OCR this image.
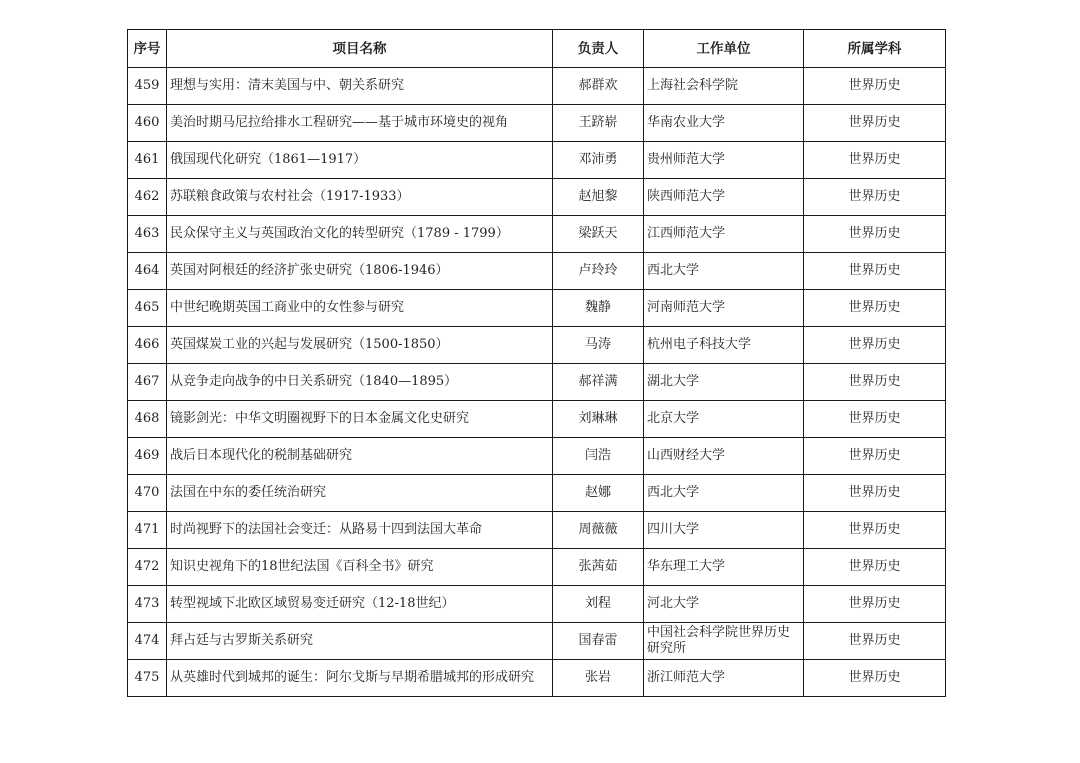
序号	项目名称	负责人	工作单位	所属学科
459	理想与实用：清末美国与中、朝关系研究	郝群欢	上海社会科学院	世界历史
460	美治时期马尼拉给排水工程研究——基于城市环境史的视角	王跻崭	华南农业大学	世界历史
461	俄国现代化研究（1861—1917）	邓沛勇	贵州师范大学	世界历史
462	苏联粮食政策与农村社会（1917-1933）	赵旭黎	陕西师范大学	世界历史
463	民众保守主义与英国政治文化的转型研究（1789 - 1799）	梁跃天	江西师范大学	世界历史
464	英国对阿根廷的经济扩张史研究（1806-1946）	卢玲玲	西北大学	世界历史
465	中世纪晚期英国工商业中的女性参与研究	魏静	河南师范大学	世界历史
466	英国煤炭工业的兴起与发展研究（1500-1850）	马涛	杭州电子科技大学	世界历史
467	从竞争走向战争的中日关系研究（1840—1895）	郝祥满	湖北大学	世界历史
468	镜影剑光：中华文明圈视野下的日本金属文化史研究	刘琳琳	北京大学	世界历史
469	战后日本现代化的税制基础研究	闫浩	山西财经大学	世界历史
470	法国在中东的委任统治研究	赵娜	西北大学	世界历史
471	时尚视野下的法国社会变迁：从路易十四到法国大革命	周薇薇	四川大学	世界历史
472	知识史视角下的18世纪法国《百科全书》研究	张茜茹	华东理工大学	世界历史
473	转型视域下北欧区域贸易变迁研究（12-18世纪）	刘程	河北大学	世界历史
474	拜占廷与古罗斯关系研究	国春雷	中国社会科学院世界历史研究所	世界历史
475	从英雄时代到城邦的诞生：阿尔戈斯与早期希腊城邦的形成研究	张岩	浙江师范大学	世界历史
